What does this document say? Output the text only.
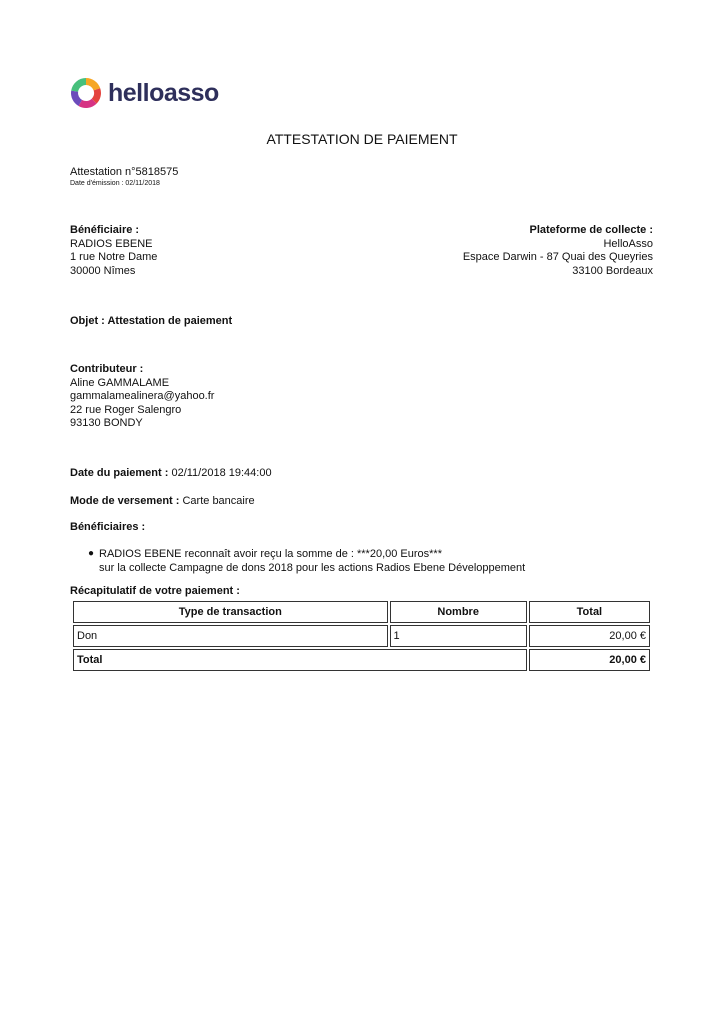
helloasso
ATTESTATION DE PAIEMENT
Attestation n°5818575
Date d'émission : 02/11/2018
Bénéficiaire :
RADIOS EBENE
1 rue Notre Dame
30000 Nîmes
Plateforme de collecte :
HelloAsso
Espace Darwin - 87 Quai des Queyries
33100 Bordeaux
Objet : Attestation de paiement
Contributeur :
Aline GAMMALAME
gammalamealinera@yahoo.fr
22 rue Roger Salengro
93130 BONDY
Date du paiement : 02/11/2018 19:44:00
Mode de versement : Carte bancaire
Bénéficiaires :
● RADIOS EBENE reconnaît avoir reçu la somme de : ***20,00 Euros***
sur la collecte Campagne de dons 2018 pour les actions Radios Ebene Développement
Récapitulatif de votre paiement :
Type de transaction	Nombre	Total
Don	1	20,00 €
Total		20,00 €
